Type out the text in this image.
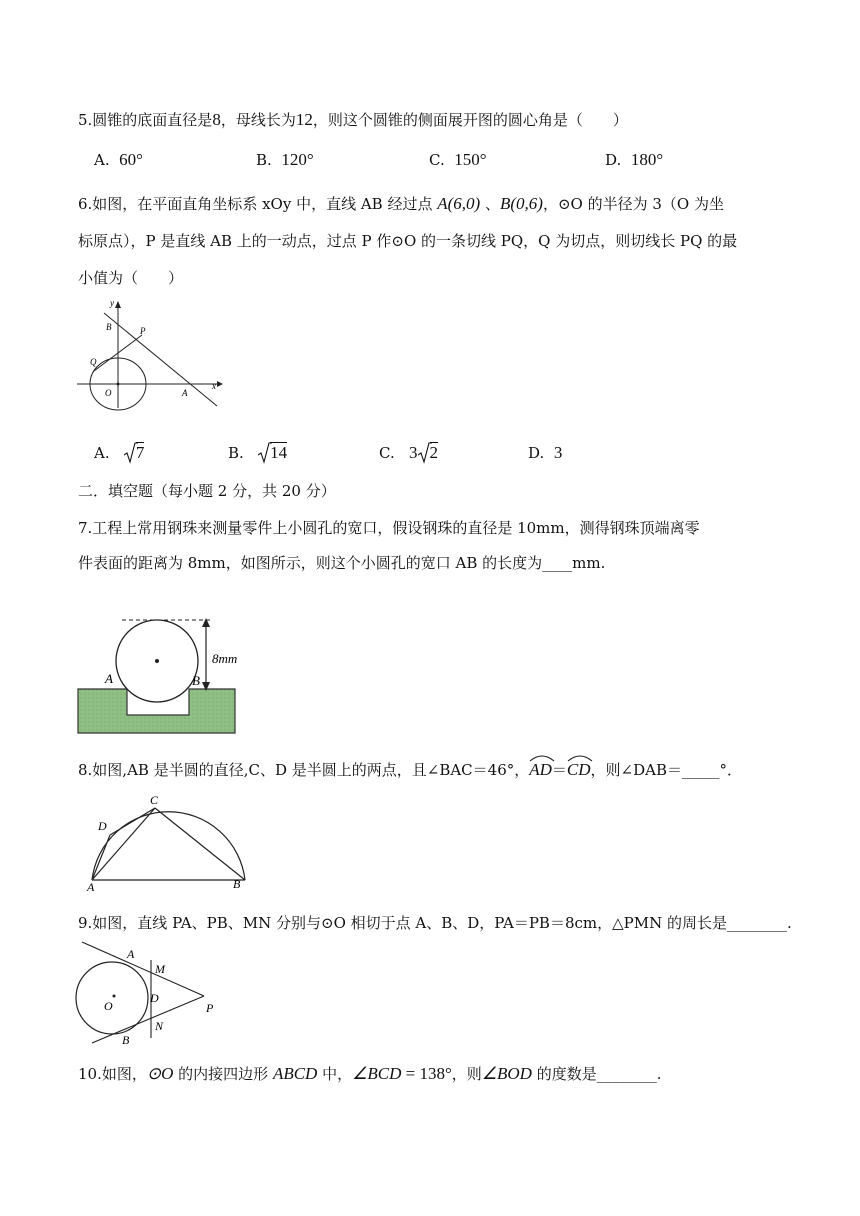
5.圆锥的底面直径是8，母线长为12，则这个圆锥的侧面展开图的圆心角是（　　）
A. 60°	B. 120°	C. 150°	D. 180°
6.如图，在平面直角坐标系 xOy 中，直线 AB 经过点 A(6,0) 、B(0,6)，⊙O 的半径为 3（O 为坐
标原点），P 是直线 AB 上的一动点，过点 P 作⊙O 的一条切线 PQ，Q 为切点，则切线长 PQ 的最
小值为（　　）
y
x
B	P
Q
O	A
A. 7	B. 14	C. 3 2	D. 3
二．填空题（每小题 2 分，共 20 分）
7.工程上常用钢珠来测量零件上小圆孔的宽口，假设钢珠的直径是 10mm，测得钢珠顶端离零
件表面的距离为 8mm，如图所示，则这个小圆孔的宽口 AB 的长度为____mm.
A	B
8mm
8.如图,AB 是半圆的直径,C、D 是半圆上的两点，且∠BAC＝46°，
AD＝
CD，则∠DAB＝_____°．
C
D
A	B
9.如图，直线 PA、PB、MN 分别与⊙O 相切于点 A、B、D，PA＝PB＝8cm，△PMN 的周长是________.
A
M
D
O	P
N
B
10.如图，⊙O 的内接四边形 ABCD 中，∠BCD = 138°，则∠BOD 的度数是________.
